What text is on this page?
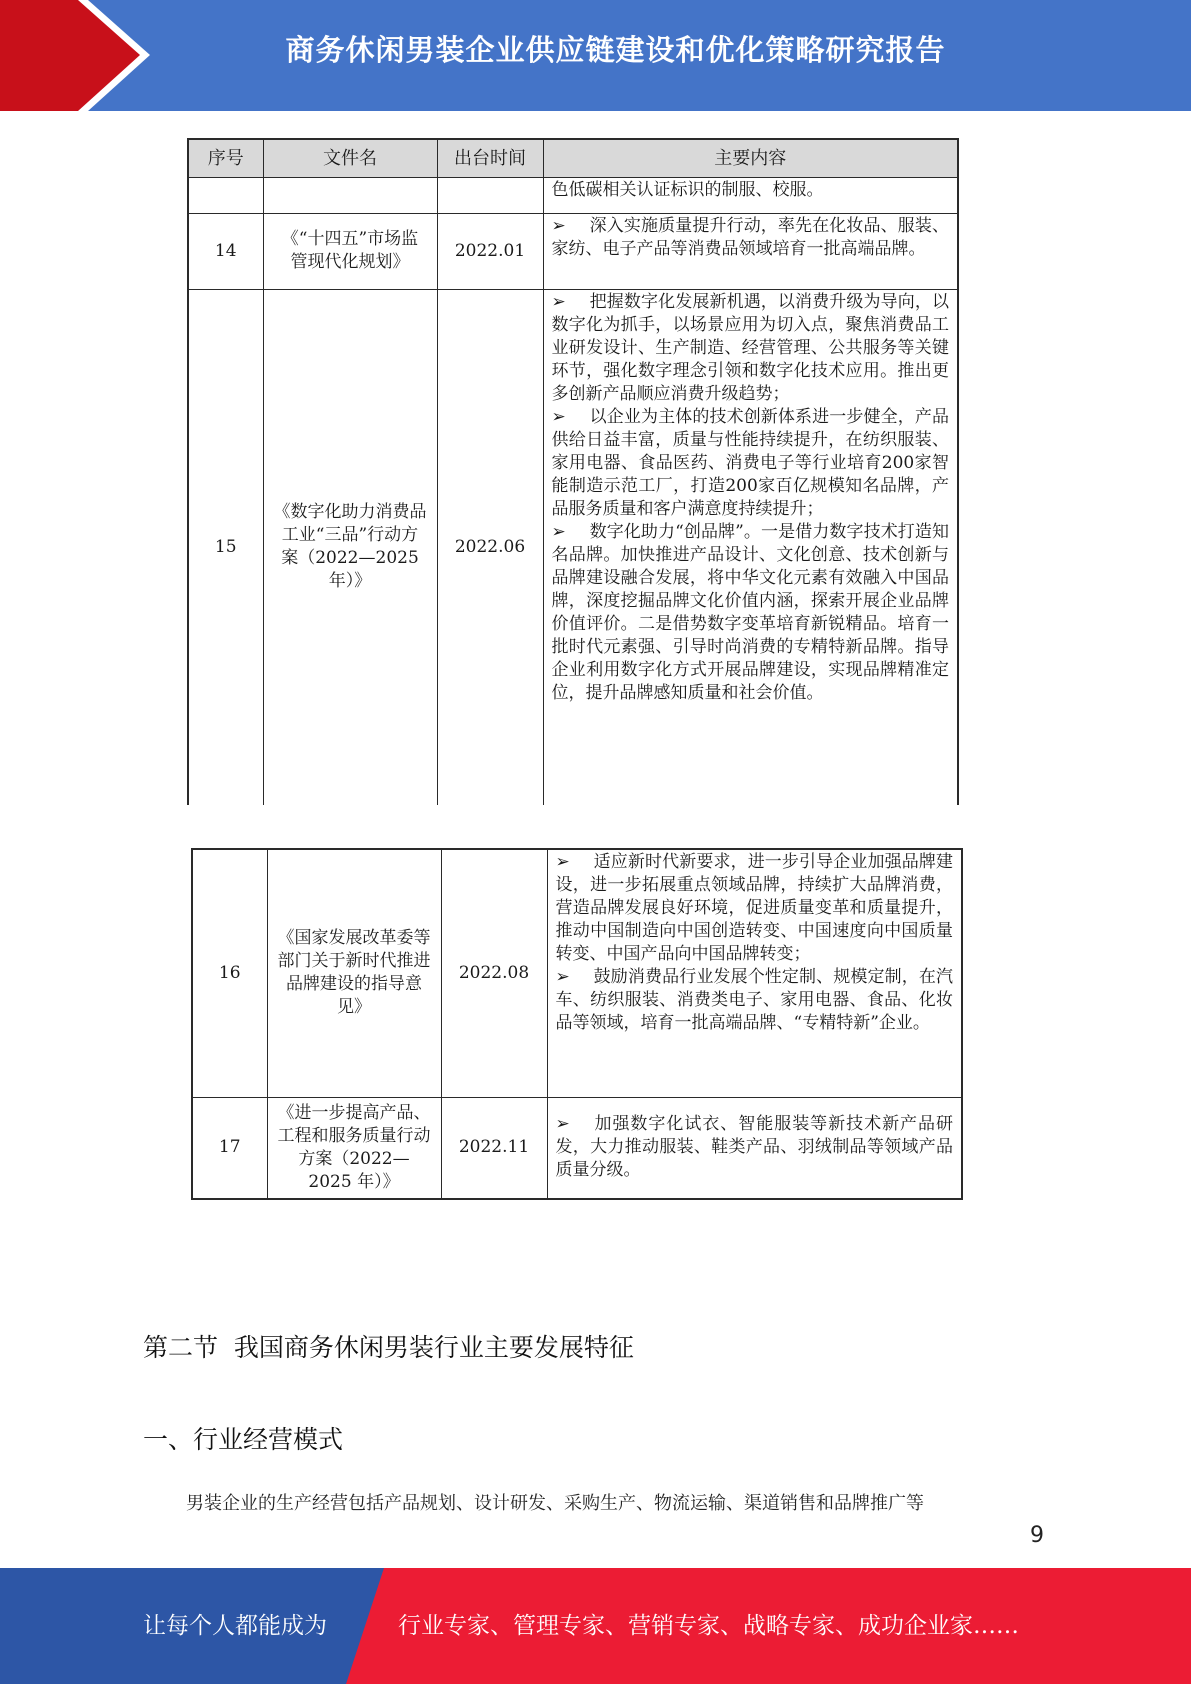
商务休闲男装企业供应链建设和优化策略研究报告
序号	文件名	出台时间	主要内容
			色低碳相关认证标识的制服、校服。
14	《“十四五”市场监管现代化规划》	2022.01	➢ 深入实施质量提升行动，率先在化妆品、服装、家纺、电子产品等消费品领域培育一批高端品牌。

15	《数字化助力消费品工业“三品”行动方案（2022—2025 年）》	2022.06	➢ 把握数字化发展新机遇，以消费升级为导向，以数字化为抓手，以场景应用为切入点，聚焦消费品工业研发设计、生产制造、经营管理、公共服务等关键环节，强化数字理念引领和数字化技术应用。推出更多创新产品顺应消费升级趋势；
➢ 以企业为主体的技术创新体系进一步健全，产品供给日益丰富，质量与性能持续提升，在纺织服装、家用电器、食品医药、消费电子等行业培育200家智能制造示范工厂，打造200家百亿规模知名品牌，产品服务质量和客户满意度持续提升；
➢ 数字化助力“创品牌”。一是借力数字技术打造知名品牌。加快推进产品设计、文化创意、技术创新与品牌建设融合发展，将中华文化元素有效融入中国品牌，深度挖掘品牌文化价值内涵，探索开展企业品牌价值评价。二是借势数字变革培育新锐精品。培育一批时代元素强、引导时尚消费的专精特新品牌。指导企业利用数字化方式开展品牌建设，实现品牌精准定位，提升品牌感知质量和社会价值。
16	《国家发展改革委等部门关于新时代推进品牌建设的指导意见》	2022.08	➢ 适应新时代新要求，进一步引导企业加强品牌建设，进一步拓展重点领域品牌，持续扩大品牌消费，营造品牌发展良好环境，促进质量变革和质量提升，推动中国制造向中国创造转变、中国速度向中国质量转变、中国产品向中国品牌转变；
➢ 鼓励消费品行业发展个性定制、规模定制，在汽车、纺织服装、消费类电子、家用电器、食品、化妆品等领域，培育一批高端品牌、“专精特新”企业。

17	《进一步提高产品、工程和服务质量行动方案（2022—2025 年）》	2022.11	➢ 加强数字化试衣、智能服装等新技术新产品研发，大力推动服装、鞋类产品、羽绒制品等领域产品质量分级。
第二节  我国商务休闲男装行业主要发展特征
一、行业经营模式
男装企业的生产经营包括产品规划、设计研发、采购生产、物流运输、渠道销售和品牌推广等
9
让每个人都能成为	行业专家、管理专家、营销专家、战略专家、成功企业家……
